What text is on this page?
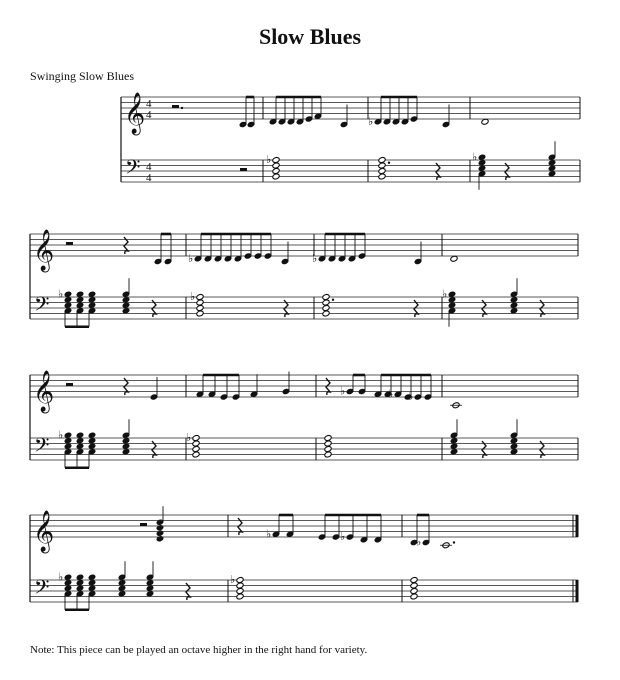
Slow Blues
Swinging Slow Blues
𝄞
𝄢
4
4
4
4
♭
♭	♭
𝄞
𝄢
♭	♭
♭	♭	♭
𝄞
𝄢
♭	♭ ♭
♭	♭
𝄞
𝄢
♭	♭	♭
♭	♭
Note: This piece can be played an octave higher in the right hand for variety.
